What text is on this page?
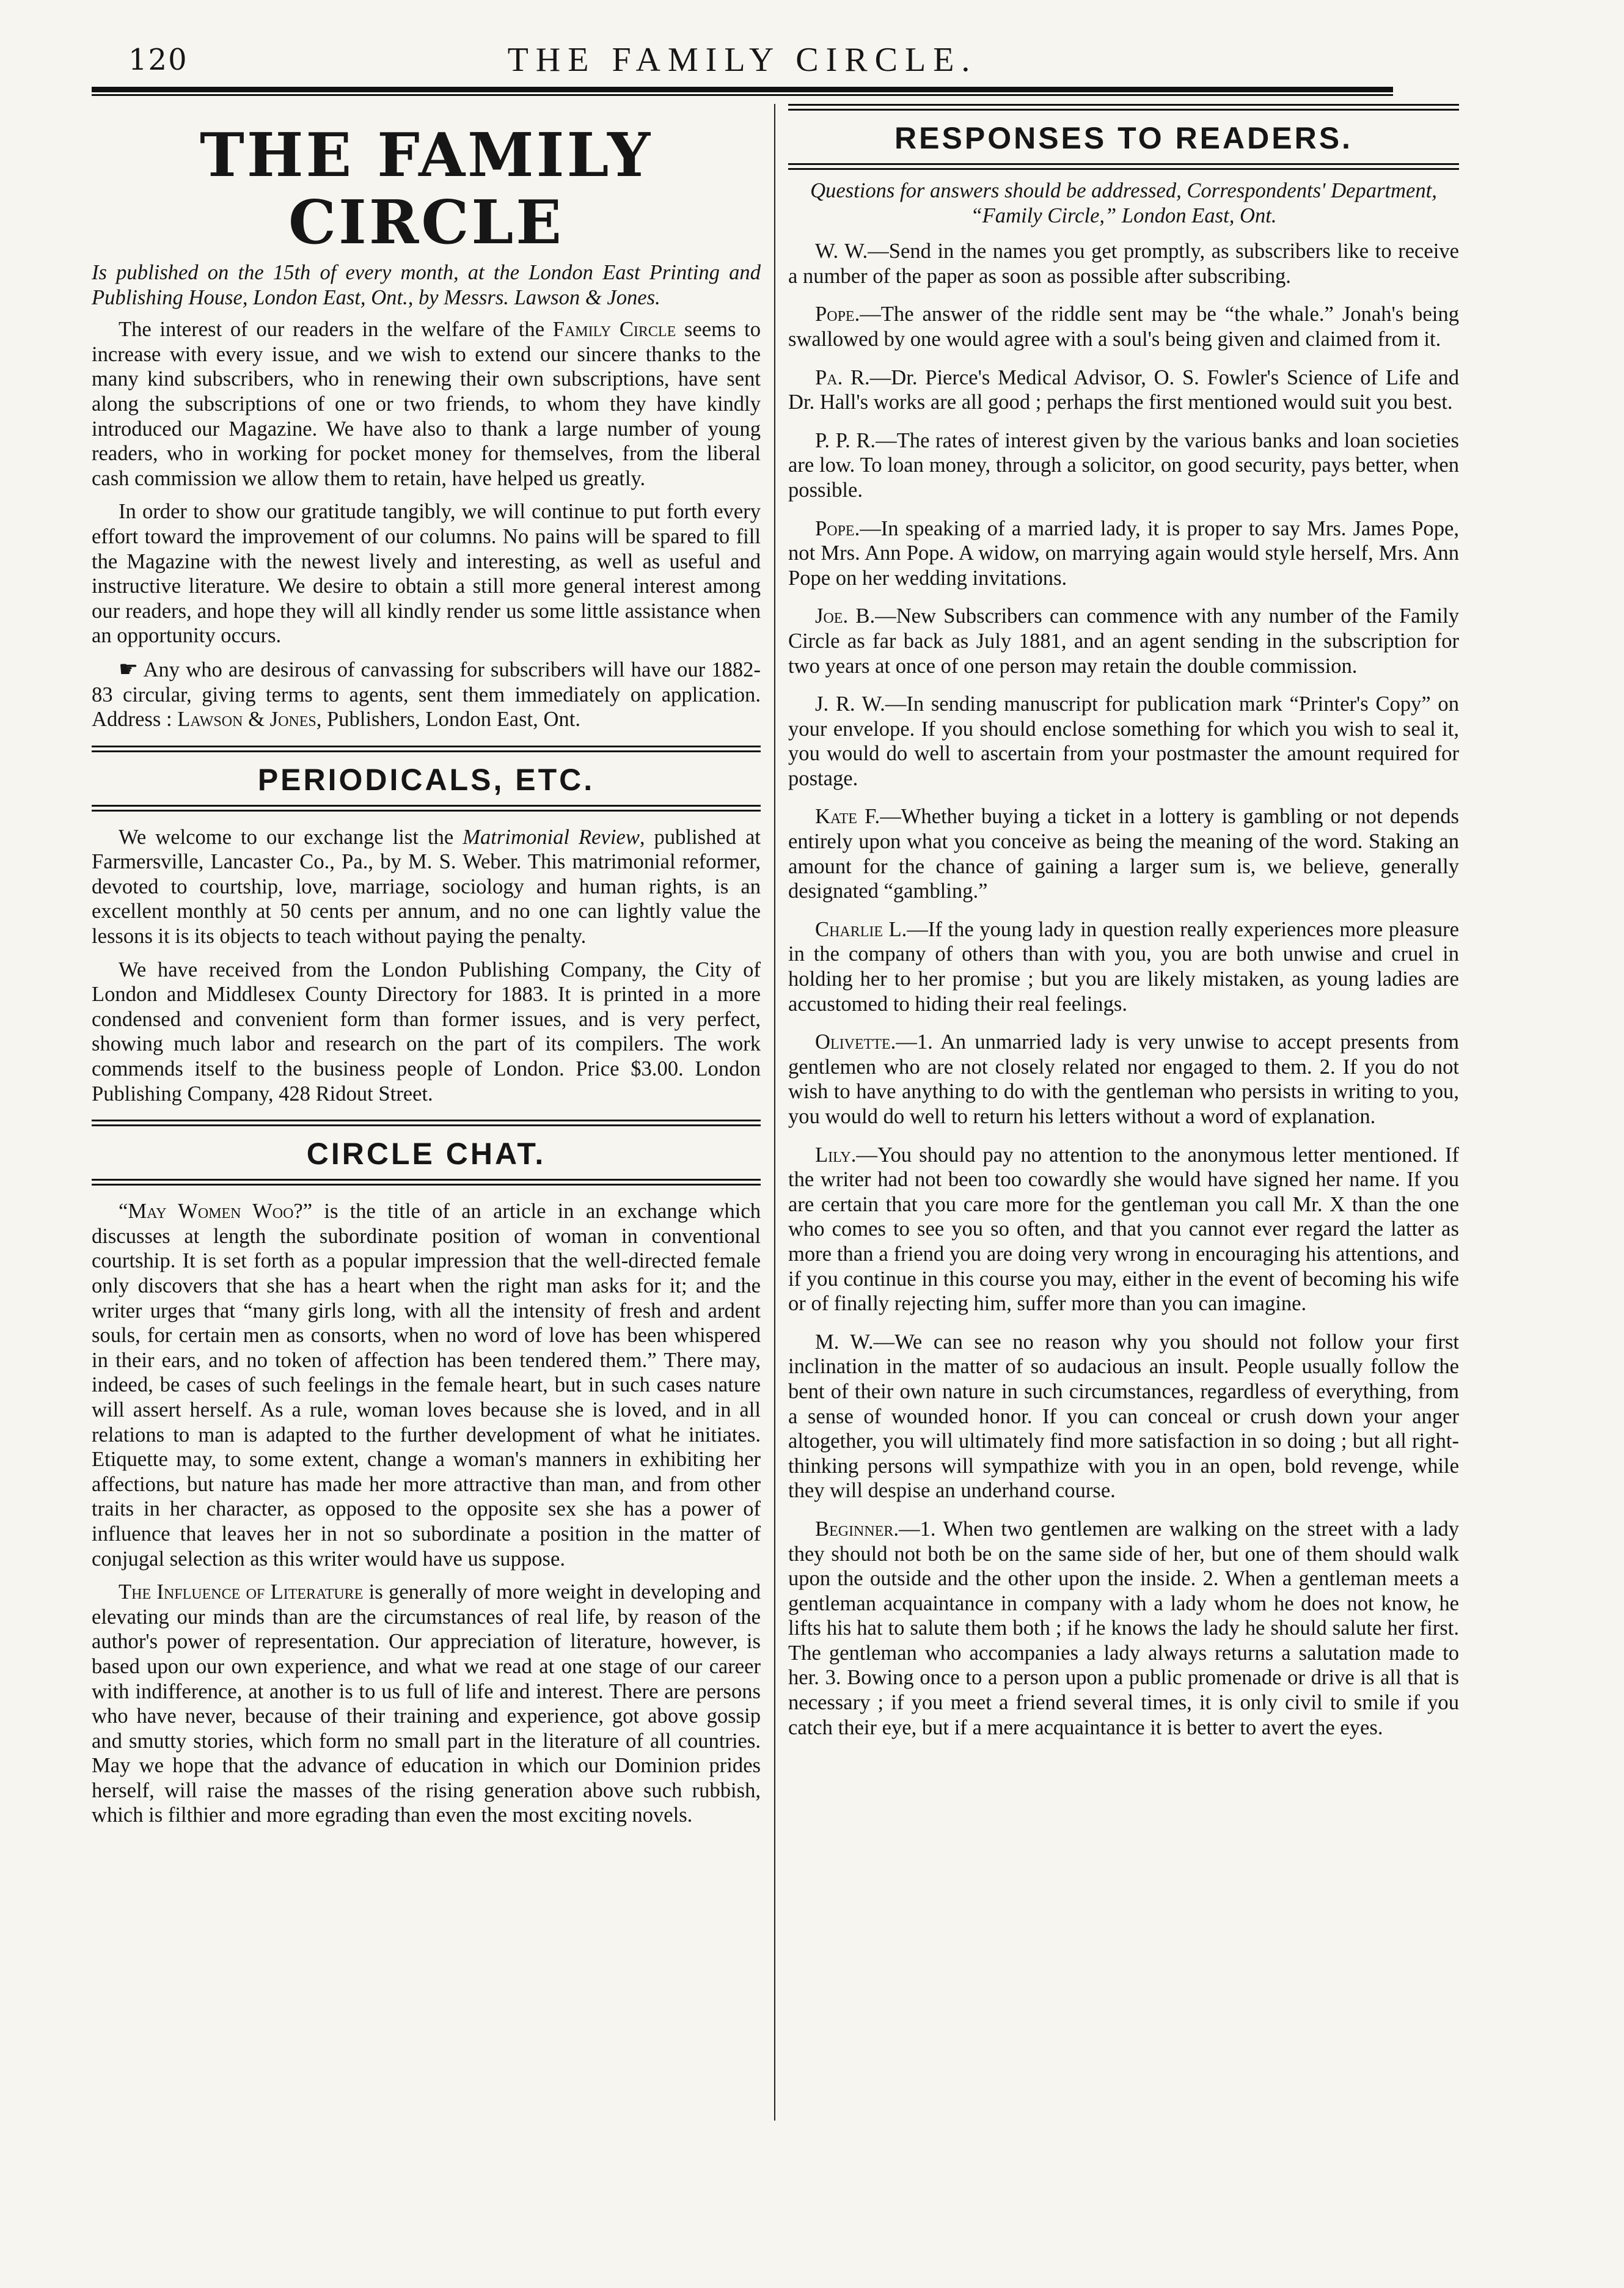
120	THE FAMILY CIRCLE.
THE FAMILY CIRCLE
Is published on the 15th of every month, at the London East Printing and Publishing House, London East, Ont., by Messrs. Lawson & Jones.

The interest of our readers in the welfare of the Family Circle seems to increase with every issue, and we wish to extend our sincere thanks to the many kind subscribers, who in renewing their own subscriptions, have sent along the subscriptions of one or two friends, to whom they have kindly introduced our Magazine. We have also to thank a large number of young readers, who in working for pocket money for themselves, from the liberal cash commission we allow them to retain, have helped us greatly.

In order to show our gratitude tangibly, we will continue to put forth every effort toward the improvement of our columns. No pains will be spared to fill the Magazine with the newest lively and interesting, as well as useful and instructive literature. We desire to obtain a still more general interest among our readers, and hope they will all kindly render us some little assistance when an opportunity occurs.

☛ Any who are desirous of canvassing for subscribers will have our 1882-83 circular, giving terms to agents, sent them immediately on application. Address : Lawson & Jones, Publishers, London East, Ont.

PERIODICALS, ETC.

We welcome to our exchange list the Matrimonial Review, published at Farmersville, Lancaster Co., Pa., by M. S. Weber. This matrimonial reformer, devoted to courtship, love, marriage, sociology and human rights, is an excellent monthly at 50 cents per annum, and no one can lightly value the lessons it is its objects to teach without paying the penalty.

We have received from the London Publishing Company, the City of London and Middlesex County Directory for 1883. It is printed in a more condensed and convenient form than former issues, and is very perfect, showing much labor and research on the part of its compilers. The work commends itself to the business people of London. Price $3.00. London Publishing Company, 428 Ridout Street.

CIRCLE CHAT.

“May Women Woo?” is the title of an article in an exchange which discusses at length the subordinate position of woman in conventional courtship. It is set forth as a popular impression that the well-directed female only discovers that she has a heart when the right man asks for it; and the writer urges that “many girls long, with all the intensity of fresh and ardent souls, for certain men as consorts, when no word of love has been whispered in their ears, and no token of affection has been tendered them.” There may, indeed, be cases of such feelings in the female heart, but in such cases nature will assert herself. As a rule, woman loves because she is loved, and in all relations to man is adapted to the further development of what he initiates. Etiquette may, to some extent, change a woman's manners in exhibiting her affections, but nature has made her more attractive than man, and from other traits in her character, as opposed to the opposite sex she has a power of influence that leaves her in not so subordinate a position in the matter of conjugal selection as this writer would have us suppose.

The Influence of Literature is generally of more weight in developing and elevating our minds than are the circumstances of real life, by reason of the author's power of representation. Our appreciation of literature, however, is based upon our own experience, and what we read at one stage of our career with indifference, at another is to us full of life and interest. There are persons who have never, because of their training and experience, got above gossip and smutty stories, which form no small part in the literature of all countries. May we hope that the advance of education in which our Dominion prides herself, will raise the masses of the rising generation above such rubbish, which is filthier and more egrading than even the most exciting novels.

RESPONSES TO READERS.
Questions for answers should be addressed, Correspondents' Department, “Family Circle,” London East, Ont.

W. W.—Send in the names you get promptly, as subscribers like to receive a number of the paper as soon as possible after subscribing.

Pope.—The answer of the riddle sent may be “the whale.” Jonah's being swallowed by one would agree with a soul's being given and claimed from it.

Pa. R.—Dr. Pierce's Medical Advisor, O. S. Fowler's Science of Life and Dr. Hall's works are all good ; perhaps the first mentioned would suit you best.

P. P. R.—The rates of interest given by the various banks and loan societies are low. To loan money, through a solicitor, on good security, pays better, when possible.

Pope.—In speaking of a married lady, it is proper to say Mrs. James Pope, not Mrs. Ann Pope. A widow, on marrying again would style herself, Mrs. Ann Pope on her wedding invitations.

Joe. B.—New Subscribers can commence with any number of the Family Circle as far back as July 1881, and an agent sending in the subscription for two years at once of one person may retain the double commission.

J. R. W.—In sending manuscript for publication mark “Printer's Copy” on your envelope. If you should enclose something for which you wish to seal it, you would do well to ascertain from your postmaster the amount required for postage.

Kate F.—Whether buying a ticket in a lottery is gambling or not depends entirely upon what you conceive as being the meaning of the word. Staking an amount for the chance of gaining a larger sum is, we believe, generally designated “gambling.”

Charlie L.—If the young lady in question really experiences more pleasure in the company of others than with you, you are both unwise and cruel in holding her to her promise ; but you are likely mistaken, as young ladies are accustomed to hiding their real feelings.

Olivette.—1. An unmarried lady is very unwise to accept presents from gentlemen who are not closely related nor engaged to them. 2. If you do not wish to have anything to do with the gentleman who persists in writing to you, you would do well to return his letters without a word of explanation.

Lily.—You should pay no attention to the anonymous letter mentioned. If the writer had not been too cowardly she would have signed her name. If you are certain that you care more for the gentleman you call Mr. X than the one who comes to see you so often, and that you cannot ever regard the latter as more than a friend you are doing very wrong in encouraging his attentions, and if you continue in this course you may, either in the event of becoming his wife or of finally rejecting him, suffer more than you can imagine.

M. W.—We can see no reason why you should not follow your first inclination in the matter of so audacious an insult. People usually follow the bent of their own nature in such circumstances, regardless of everything, from a sense of wounded honor. If you can conceal or crush down your anger altogether, you will ultimately find more satisfaction in so doing ; but all right-thinking persons will sympathize with you in an open, bold revenge, while they will despise an underhand course.

Beginner.—1. When two gentlemen are walking on the street with a lady they should not both be on the same side of her, but one of them should walk upon the outside and the other upon the inside. 2. When a gentleman meets a gentleman acquaintance in company with a lady whom he does not know, he lifts his hat to salute them both ; if he knows the lady he should salute her first. The gentleman who accompanies a lady always returns a salutation made to her. 3. Bowing once to a person upon a public promenade or drive is all that is necessary ; if you meet a friend several times, it is only civil to smile if you catch their eye, but if a mere acquaintance it is better to avert the eyes.
